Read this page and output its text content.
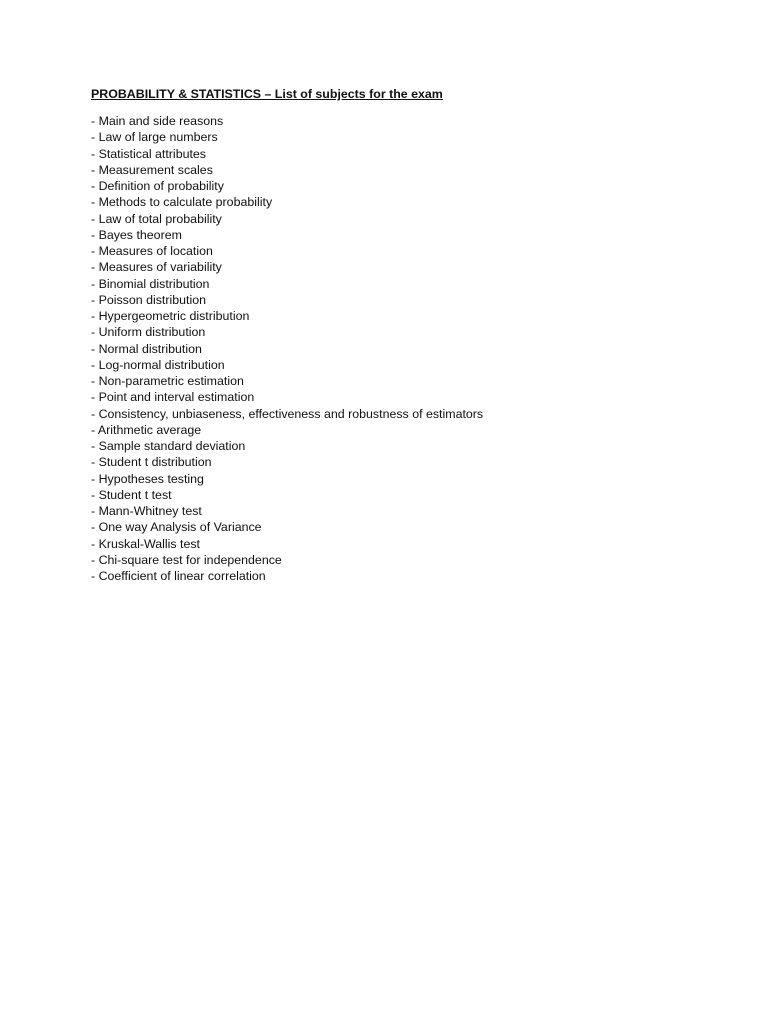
PROBABILITY & STATISTICS – List of subjects for the exam
- Main and side reasons
- Law of large numbers
- Statistical attributes
- Measurement scales
- Definition of probability
- Methods to calculate probability
- Law of total probability
- Bayes theorem
- Measures of location
- Measures of variability
- Binomial distribution
- Poisson distribution
- Hypergeometric distribution
- Uniform distribution
- Normal distribution
- Log-normal distribution
- Non-parametric estimation
- Point and interval estimation
- Consistency, unbiaseness, effectiveness and robustness of estimators
- Arithmetic average
- Sample standard deviation
- Student t distribution
- Hypotheses testing
- Student t test
- Mann-Whitney test
- One way Analysis of Variance
- Kruskal-Wallis test
- Chi-square test for independence
- Coefficient of linear correlation
